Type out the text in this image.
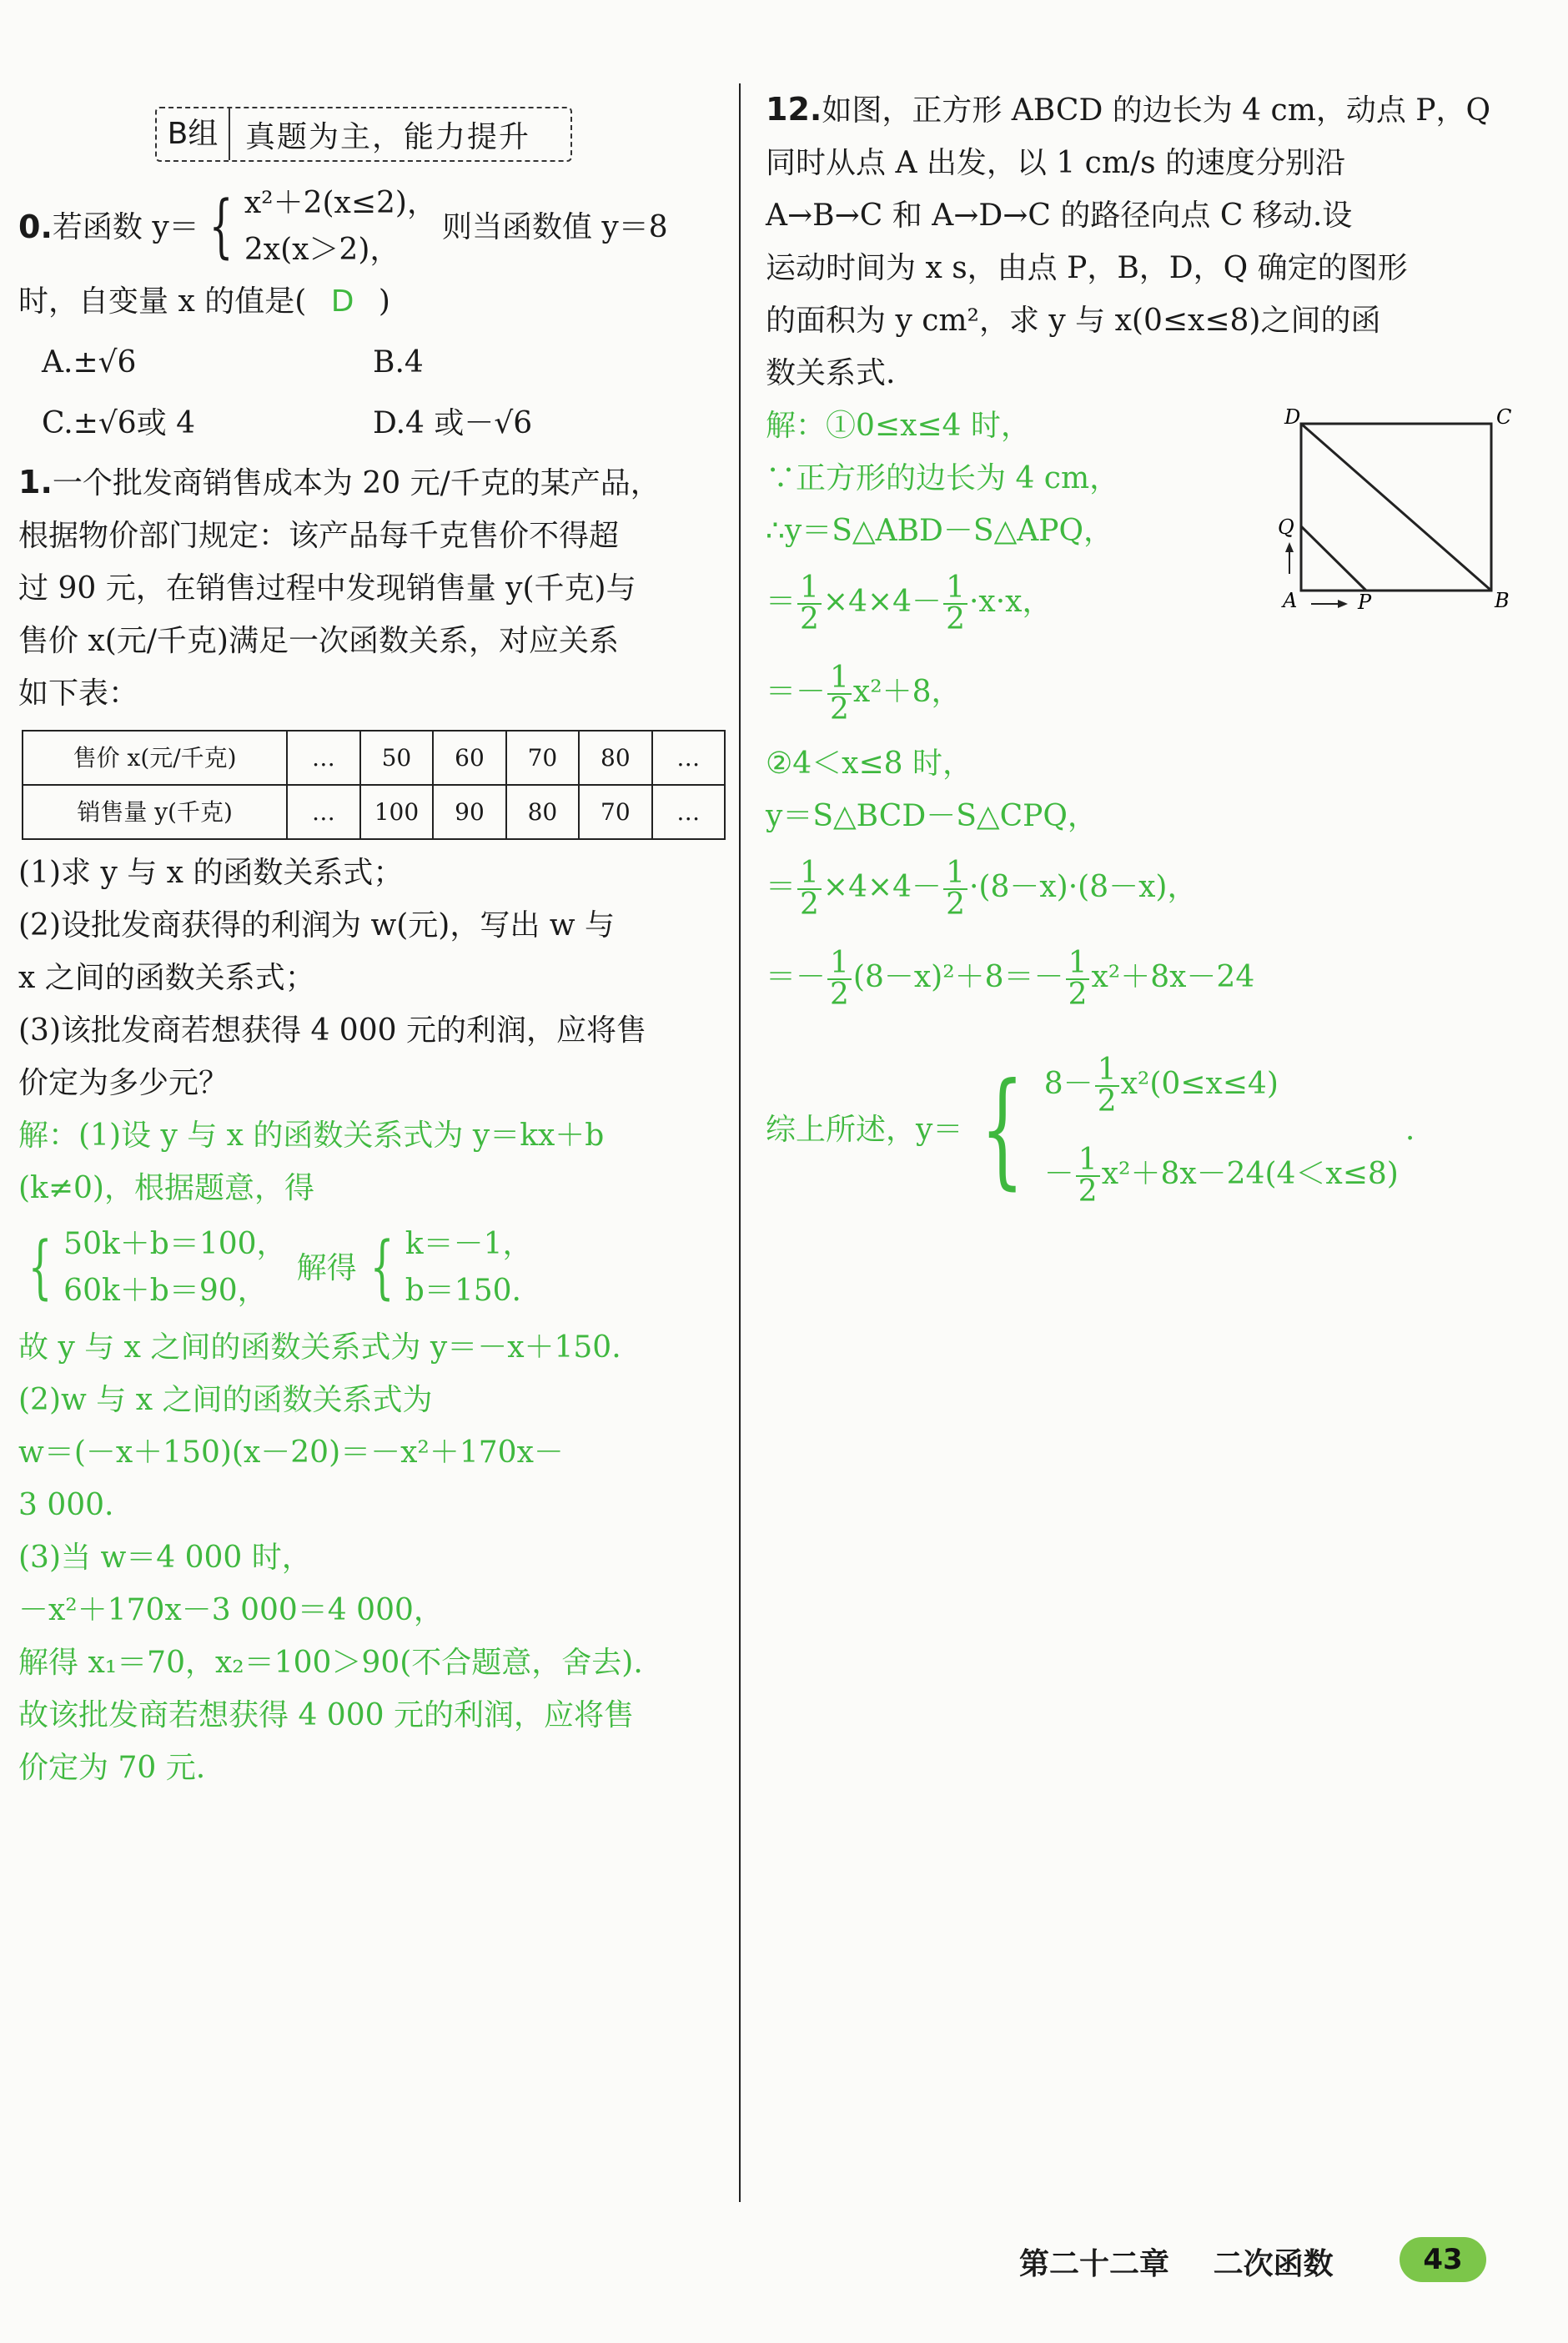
B组 真题为主，能力提升
0. 若函数 y＝ { x²＋2(x≤2)，
2x(x＞2)，
则当函数值 y＝8
时，自变量 x 的值是( D )
A.±√6	B.4
C.±√6或 4	D.4 或－√6
1.一个批发商销售成本为 20 元/千克的某产品，
根据物价部门规定：该产品每千克售价不得超
过 90 元，在销售过程中发现销售量 y(千克)与
售价 x(元/千克)满足一次函数关系，对应关系
如下表：
售价 x(元/千克)	…	50	60	70	80	…
销售量 y(千克)	…	100	90	80	70	…
(1)求 y 与 x 的函数关系式；
(2)设批发商获得的利润为 w(元)，写出 w 与
x 之间的函数关系式；
(3)该批发商若想获得 4 000 元的利润，应将售
价定为多少元？
解：(1)设 y 与 x 的函数关系式为 y＝kx＋b
(k≠0)，根据题意，得
{ 50k＋b＝100，
60k＋b＝90，
解得 { k＝－1，
b＝150.
故 y 与 x 之间的函数关系式为 y＝－x＋150.
(2)w 与 x 之间的函数关系式为
w＝(－x＋150)(x－20)＝－x²＋170x－
3 000.
(3)当 w＝4 000 时，
－x²＋170x－3 000＝4 000，
解得 x₁＝70，x₂＝100＞90(不合题意，舍去).
故该批发商若想获得 4 000 元的利润，应将售
价定为 70 元.
12.如图，正方形 ABCD 的边长为 4 cm，动点 P，Q
同时从点 A 出发，以 1 cm/s 的速度分别沿
A→B→C 和 A→D→C 的路径向点 C 移动.设
运动时间为 x s，由点 P，B，D，Q 确定的图形
的面积为 y cm²，求 y 与 x(0≤x≤8)之间的函
数关系式.
解：①0≤x≤4 时，
∵正方形的边长为 4 cm，
∴y＝S△ABD－S△APQ，
＝ $\frac{1}{2} \times 4\times 4- \frac{1}{2} \cdot x\cdot x$，
＝－ $\frac{1}{2} x^2+8$，
②4＜x≤8 时，
y＝S△BCD－S△CPQ，
＝ $\frac{1}{2} \times 4\times 4- \frac{1}{2} \cdot(8-x)\cdot(8-x)$，
＝－ $\frac{1}{2} (8-x)^2+8=- \frac{1}{2} x^2+8x-24$
综上所述，y＝ { $8- \frac{1}{2} x^2(0\le x\le 4)$
－ $\frac{1}{2} x^2+8x-24(4<x\le 8)$
.
D	C
A	B
P
Q
第二十二章 二次函数	43
